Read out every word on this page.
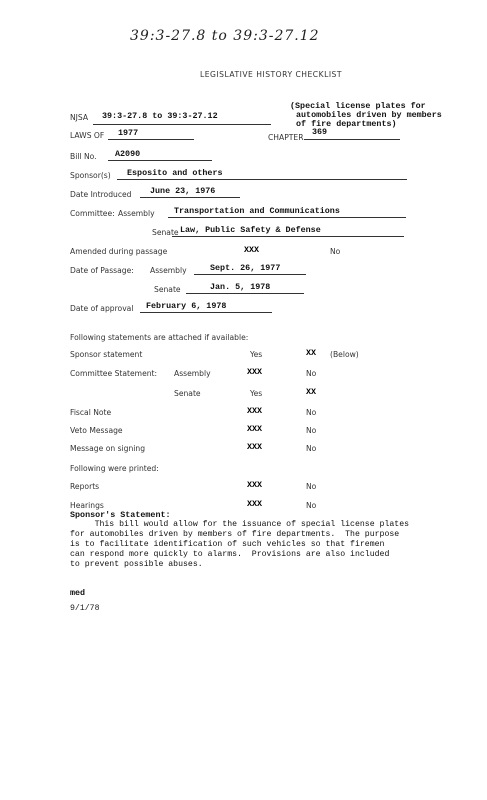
39:3-27.8 to 39:3-27.12
LEGISLATIVE HISTORY CHECKLIST
NJSA 39:3-27.8 to 39:3-27.12
(Special license plates for
automobiles driven by members
of fire departments)
LAWS OF 1977	CHAPTER
369
Bill No. A2090
Sponsor(s) Esposito and others
Date Introduced June 23, 1976
Committee: Assembly Transportation and Communications
Senate Law, Public Safety & Defense
Amended during passage	XXX	No
Date of Passage: Assembly	Sept. 26, 1977
Senate	Jan. 5, 1978
Date of approval February 6, 1978
Following statements are attached if available:
Sponsor statement	Yes	XX (Below)
Committee Statement: Assembly	XXX	No
Senate	Yes	XX
Fiscal Note	XXX	No
Veto Message	XXX	No
Message on signing	XXX	No
Following were printed:
Reports	XXX	No
Hearings	XXX	No
Sponsor's Statement:
This bill would allow for the issuance of special license plates
for automobiles driven by members of fire departments.  The purpose
is to facilitate identification of such vehicles so that firemen
can respond more quickly to alarms.  Provisions are also included
to prevent possible abuses.
med
9/1/78
